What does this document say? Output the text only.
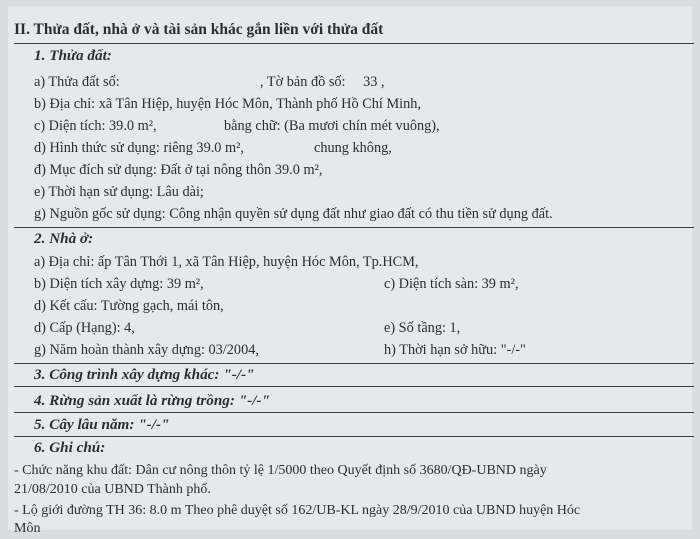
II. Thửa đất, nhà ở và tài sản khác gắn liền với thửa đất
1. Thửa đất:
a) Thửa đất số:	, Tờ bản đồ số: 33 ,
b) Địa chỉ: xã Tân Hiệp, huyện Hóc Môn, Thành phố Hồ Chí Minh,
c) Diện tích: 39.0 m²,	bằng chữ: (Ba mươi chín mét vuông),
d) Hình thức sử dụng: riêng 39.0 m²,	chung không,
đ) Mục đích sử dụng: Đất ở tại nông thôn 39.0 m²,
e) Thời hạn sử dụng: Lâu dài;
g) Nguồn gốc sử dụng: Công nhận quyền sử dụng đất như giao đất có thu tiền sử dụng đất.
2. Nhà ở:
a) Địa chỉ: ấp Tân Thới 1, xã Tân Hiệp, huyện Hóc Môn, Tp.HCM,
b) Diện tích xây dựng: 39 m²,	c) Diện tích sàn: 39 m²,
d) Kết cấu: Tường gạch, mái tôn,
d) Cấp (Hạng): 4,	e) Số tầng: 1,
g) Năm hoàn thành xây dựng: 03/2004,	h) Thời hạn sở hữu: "-/-"
3. Công trình xây dựng khác: "-/-"
4. Rừng sản xuất là rừng trồng: "-/-"
5. Cây lâu năm: "-/-"
6. Ghi chú:
- Chức năng khu đất: Dân cư nông thôn tỷ lệ 1/5000 theo Quyết định số 3680/QĐ-UBND ngày
21/08/2010 của UBND Thành phố.
- Lộ giới đường TH 36: 8.0 m Theo phê duyệt số 162/UB-KL ngày 28/9/2010 của UBND huyện Hóc
Môn
